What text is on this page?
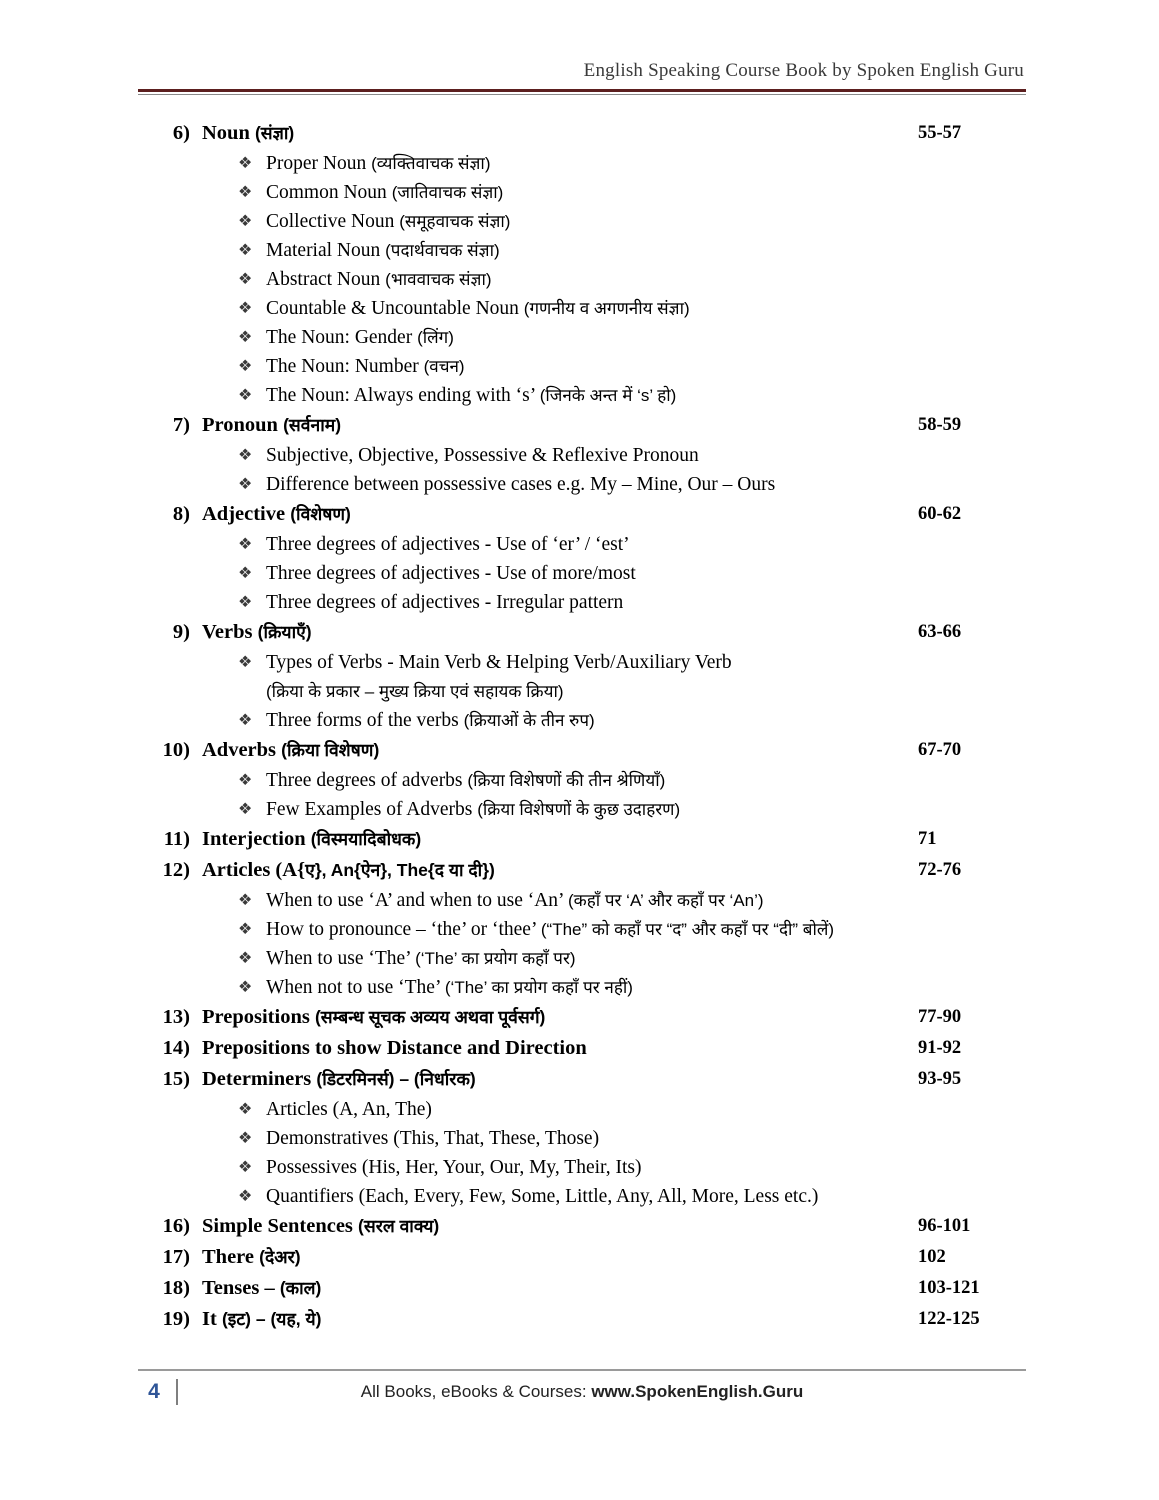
English Speaking Course Book by Spoken English Guru
6) Noun (संज्ञा)	55-57
❖ Proper Noun (व्यक्तिवाचक संज्ञा)
❖ Common Noun (जातिवाचक संज्ञा)
❖ Collective Noun (समूहवाचक संज्ञा)
❖ Material Noun (पदार्थवाचक संज्ञा)
❖ Abstract Noun (भाववाचक संज्ञा)
❖ Countable & Uncountable Noun (गणनीय व अगणनीय संज्ञा)
❖ The Noun: Gender (लिंग)
❖ The Noun: Number (वचन)
❖ The Noun: Always ending with ‘s’ (जिनके अन्त में ‘s’ हो)
7) Pronoun (सर्वनाम)	58-59
❖ Subjective, Objective, Possessive & Reflexive Pronoun
❖ Difference between possessive cases e.g. My – Mine, Our – Ours
8) Adjective (विशेषण)	60-62
❖ Three degrees of adjectives - Use of ‘er’ / ‘est’
❖ Three degrees of adjectives - Use of more/most
❖ Three degrees of adjectives - Irregular pattern
9) Verbs (क्रियाएँ)	63-66
❖ Types of Verbs - Main Verb & Helping Verb/Auxiliary Verb
(क्रिया के प्रकार – मुख्य क्रिया एवं सहायक क्रिया)
❖ Three forms of the verbs (क्रियाओं के तीन रुप)
10) Adverbs (क्रिया विशेषण)	67-70
❖ Three degrees of adverbs (क्रिया विशेषणों की तीन श्रेणियाँ)
❖ Few Examples of Adverbs (क्रिया विशेषणों के कुछ उदाहरण)
11) Interjection (विस्मयादिबोधक)	71
12) Articles (A{ए}, An{ऐन}, The{द या दी})	72-76
❖ When to use ‘A’ and when to use ‘An’ (कहाँ पर ‘A’ और कहाँ पर ‘An’)
❖ How to pronounce – ‘the’ or ‘thee’ (“The” को कहाँ पर “द” और कहाँ पर “दी” बोलें)
❖ When to use ‘The’ (‘The’ का प्रयोग कहाँ पर)
❖ When not to use ‘The’ (‘The’ का प्रयोग कहाँ पर नहीं)
13) Prepositions (सम्बन्ध सूचक अव्यय अथवा पूर्वसर्ग)	77-90
14) Prepositions to show Distance and Direction	91-92
15) Determiners (डिटरमिनर्स) – (निर्धारक)	93-95
❖ Articles (A, An, The)
❖ Demonstratives (This, That, These, Those)
❖ Possessives (His, Her, Your, Our, My, Their, Its)
❖ Quantifiers (Each, Every, Few, Some, Little, Any, All, More, Less etc.)
16) Simple Sentences (सरल वाक्य)	96-101
17) There (देअर)	102
18) Tenses – (काल)	103-121
19) It (इट) – (यह, ये)	122-125
4	All Books, eBooks & Courses: www.SpokenEnglish.Guru
